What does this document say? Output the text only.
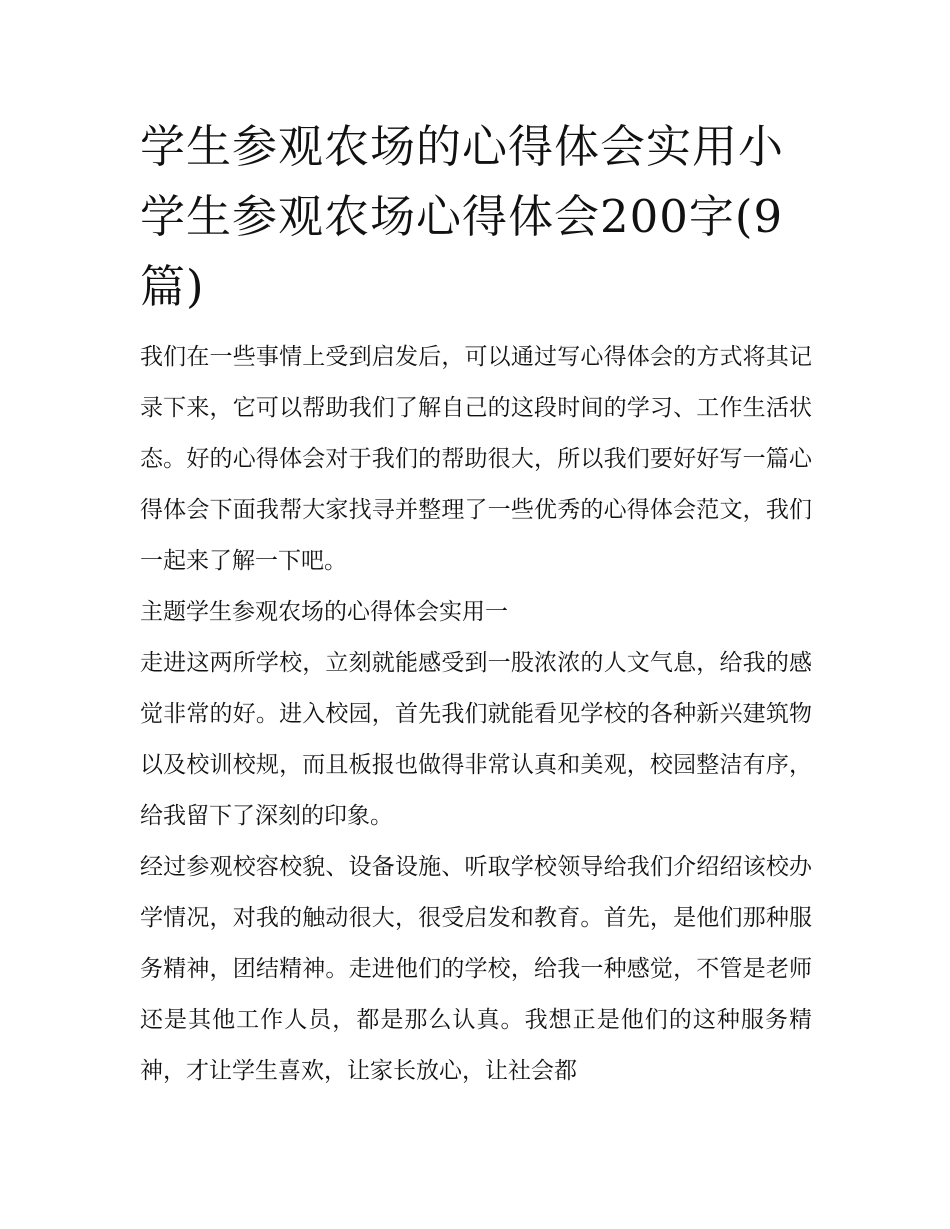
学生参观农场的心得体会实用小学生参观农场心得体会200字(9篇)

我们在一些事情上受到启发后，可以通过写心得体会的方式将其记录下来，它可以帮助我们了解自己的这段时间的学习、工作生活状态。好的心得体会对于我们的帮助很大，所以我们要好好写一篇心得体会下面我帮大家找寻并整理了一些优秀的心得体会范文，我们一起来了解一下吧。

主题学生参观农场的心得体会实用一

走进这两所学校，立刻就能感受到一股浓浓的人文气息，给我的感觉非常的好。进入校园，首先我们就能看见学校的各种新兴建筑物以及校训校规，而且板报也做得非常认真和美观，校园整洁有序，给我留下了深刻的印象。

经过参观校容校貌、设备设施、听取学校领导给我们介绍绍该校办学情况，对我的触动很大，很受启发和教育。首先，是他们那种服务精神，团结精神。走进他们的学校，给我一种感觉，不管是老师还是其他工作人员，都是那么认真。我想正是他们的这种服务精神，才让学生喜欢，让家长放心，让社会都
